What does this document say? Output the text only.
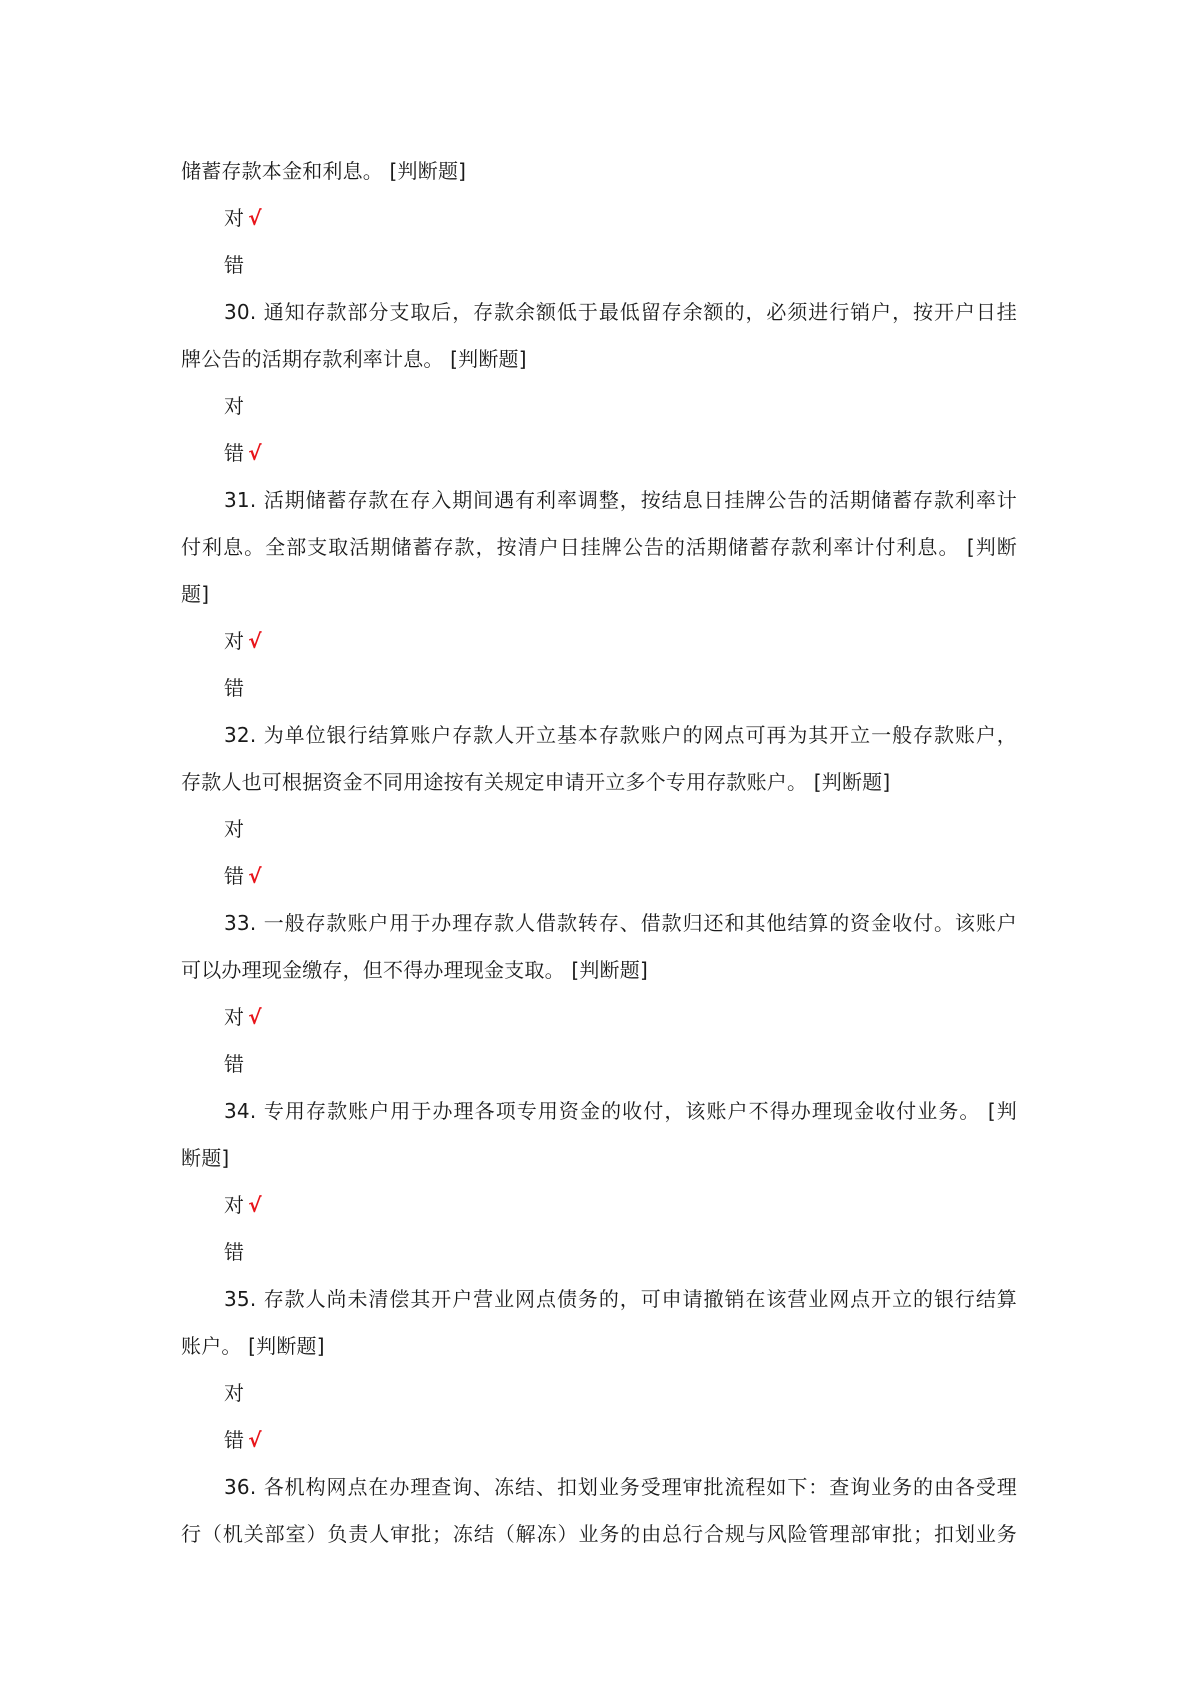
储蓄存款本金和利息。 [判断题]
对 √
错
30. 通知存款部分支取后，存款余额低于最低留存余额的，必须进行销户，按开户日挂
牌公告的活期存款利率计息。 [判断题]
对
错 √
31. 活期储蓄存款在存入期间遇有利率调整，按结息日挂牌公告的活期储蓄存款利率计
付利息。全部支取活期储蓄存款，按清户日挂牌公告的活期储蓄存款利率计付利息。 [判断
题]
对 √
错
32. 为单位银行结算账户存款人开立基本存款账户的网点可再为其开立一般存款账户，
存款人也可根据资金不同用途按有关规定申请开立多个专用存款账户。 [判断题]
对
错 √
33. 一般存款账户用于办理存款人借款转存、借款归还和其他结算的资金收付。该账户
可以办理现金缴存，但不得办理现金支取。 [判断题]
对 √
错
34. 专用存款账户用于办理各项专用资金的收付，该账户不得办理现金收付业务。 [判
断题]
对 √
错
35. 存款人尚未清偿其开户营业网点债务的，可申请撤销在该营业网点开立的银行结算
账户。 [判断题]
对
错 √
36. 各机构网点在办理查询、冻结、扣划业务受理审批流程如下：查询业务的由各受理
行（机关部室）负责人审批；冻结（解冻）业务的由总行合规与风险管理部审批；扣划业务
